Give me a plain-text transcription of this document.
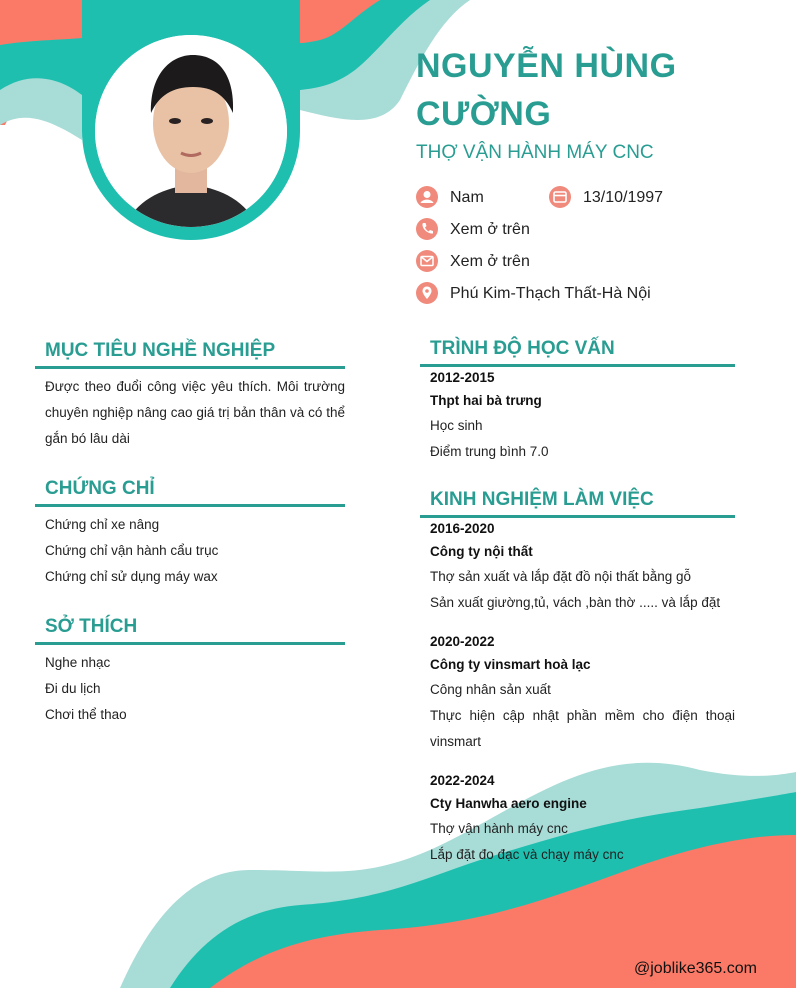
NGUYỄN HÙNG CƯỜNG
THỢ VẬN HÀNH MÁY CNC
Nam	13/10/1997
Xem ở trên
Xem ở trên
Phú Kim-Thạch Thất-Hà Nội
MỤC TIÊU NGHỀ NGHIỆP
Được theo đuổi công việc yêu thích. Môi trường chuyên nghiệp nâng cao giá trị bản thân và có thể gắn bó lâu dài
CHỨNG CHỈ
Chứng chỉ xe nâng
Chứng chỉ vận hành cẩu trục
Chứng chỉ sử dụng máy wax
SỞ THÍCH
Nghe nhạc
Đi du lịch
Chơi thể thao
TRÌNH ĐỘ HỌC VẤN
2012-2015
Thpt hai bà trưng
Học sinh
Điểm trung bình 7.0
KINH NGHIỆM LÀM VIỆC
2016-2020
Công ty nội thất
Thợ sản xuất và lắp đặt đồ nội thất bằng gỗ
Sản xuất giường,tủ, vách ,bàn thờ ..... và lắp đặt
2020-2022
Công ty vinsmart hoà lạc
Công nhân sản xuất
Thực hiện cập nhật phần mềm cho điện thoại vinsmart
2022-2024
Cty Hanwha aero engine
Thợ vận hành máy cnc
Lắp đặt đo đạc và chạy máy cnc
@joblike365.com
